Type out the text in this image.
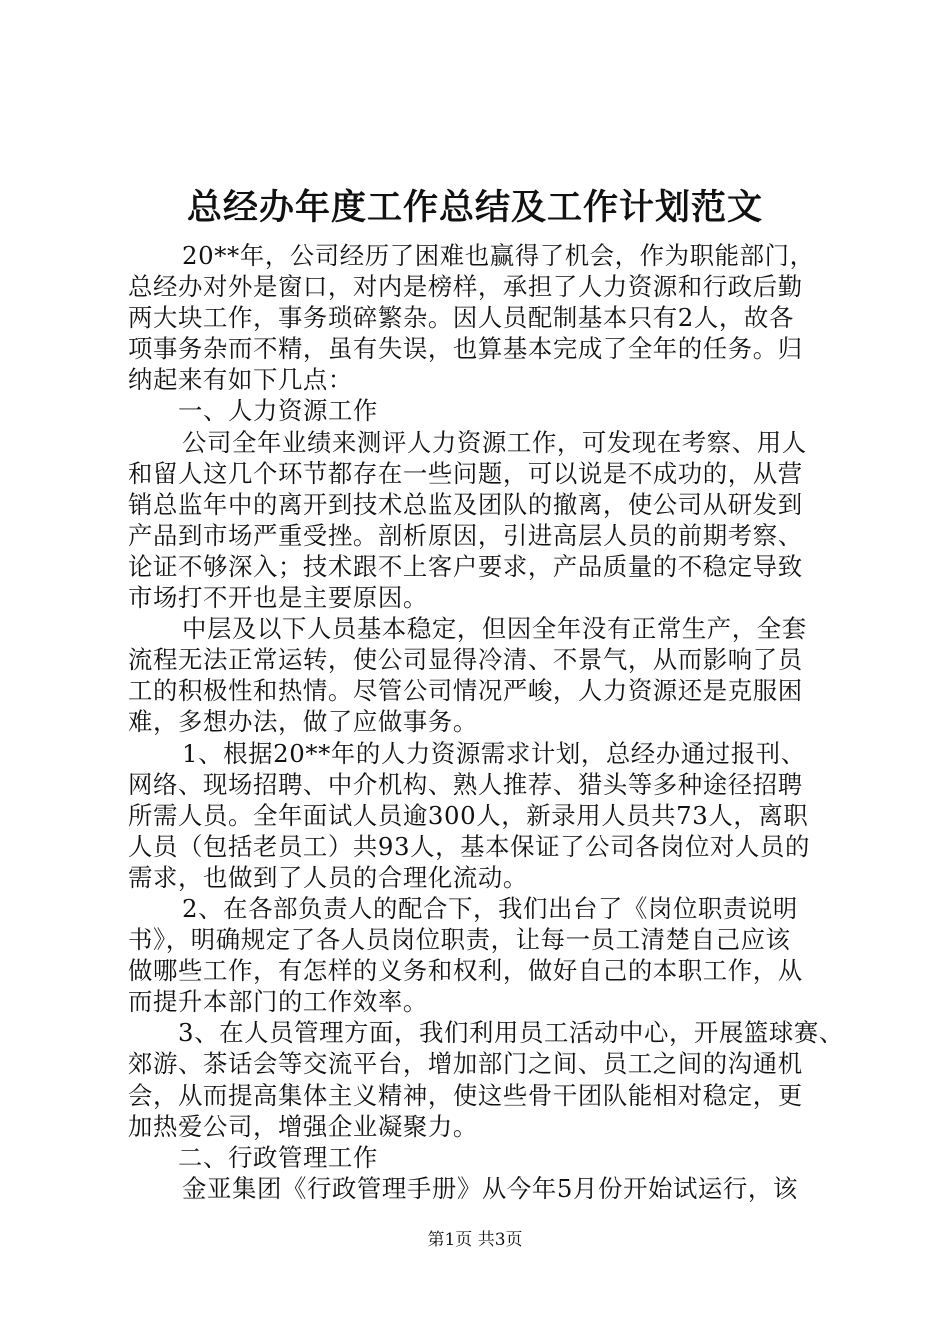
总经办年度工作总结及工作计划范文
20**年，公司经历了困难也赢得了机会，作为职能部门，
总经办对外是窗口，对内是榜样，承担了人力资源和行政后勤
两大块工作，事务琐碎繁杂。因人员配制基本只有2人，故各
项事务杂而不精，虽有失误，也算基本完成了全年的任务。归
纳起来有如下几点：
一、人力资源工作
公司全年业绩来测评人力资源工作，可发现在考察、用人
和留人这几个环节都存在一些问题，可以说是不成功的，从营
销总监年中的离开到技术总监及团队的撤离，使公司从研发到
产品到市场严重受挫。剖析原因，引进高层人员的前期考察、
论证不够深入；技术跟不上客户要求，产品质量的不稳定导致
市场打不开也是主要原因。
中层及以下人员基本稳定，但因全年没有正常生产，全套
流程无法正常运转，使公司显得冷清、不景气，从而影响了员
工的积极性和热情。尽管公司情况严峻，人力资源还是克服困
难，多想办法，做了应做事务。
1、根据20**年的人力资源需求计划，总经办通过报刊、
网络、现场招聘、中介机构、熟人推荐、猎头等多种途径招聘
所需人员。全年面试人员逾300人，新录用人员共73人，离职
人员（包括老员工）共93人，基本保证了公司各岗位对人员的
需求，也做到了人员的合理化流动。
2、在各部负责人的配合下，我们出台了《岗位职责说明
书》，明确规定了各人员岗位职责，让每一员工清楚自己应该
做哪些工作，有怎样的义务和权利，做好自己的本职工作，从
而提升本部门的工作效率。
3、在人员管理方面，我们利用员工活动中心，开展篮球赛、
郊游、茶话会等交流平台，增加部门之间、员工之间的沟通机
会，从而提高集体主义精神，使这些骨干团队能相对稳定，更
加热爱公司，增强企业凝聚力。
二、行政管理工作
金亚集团《行政管理手册》从今年5月份开始试运行，该
第1页 共3页
